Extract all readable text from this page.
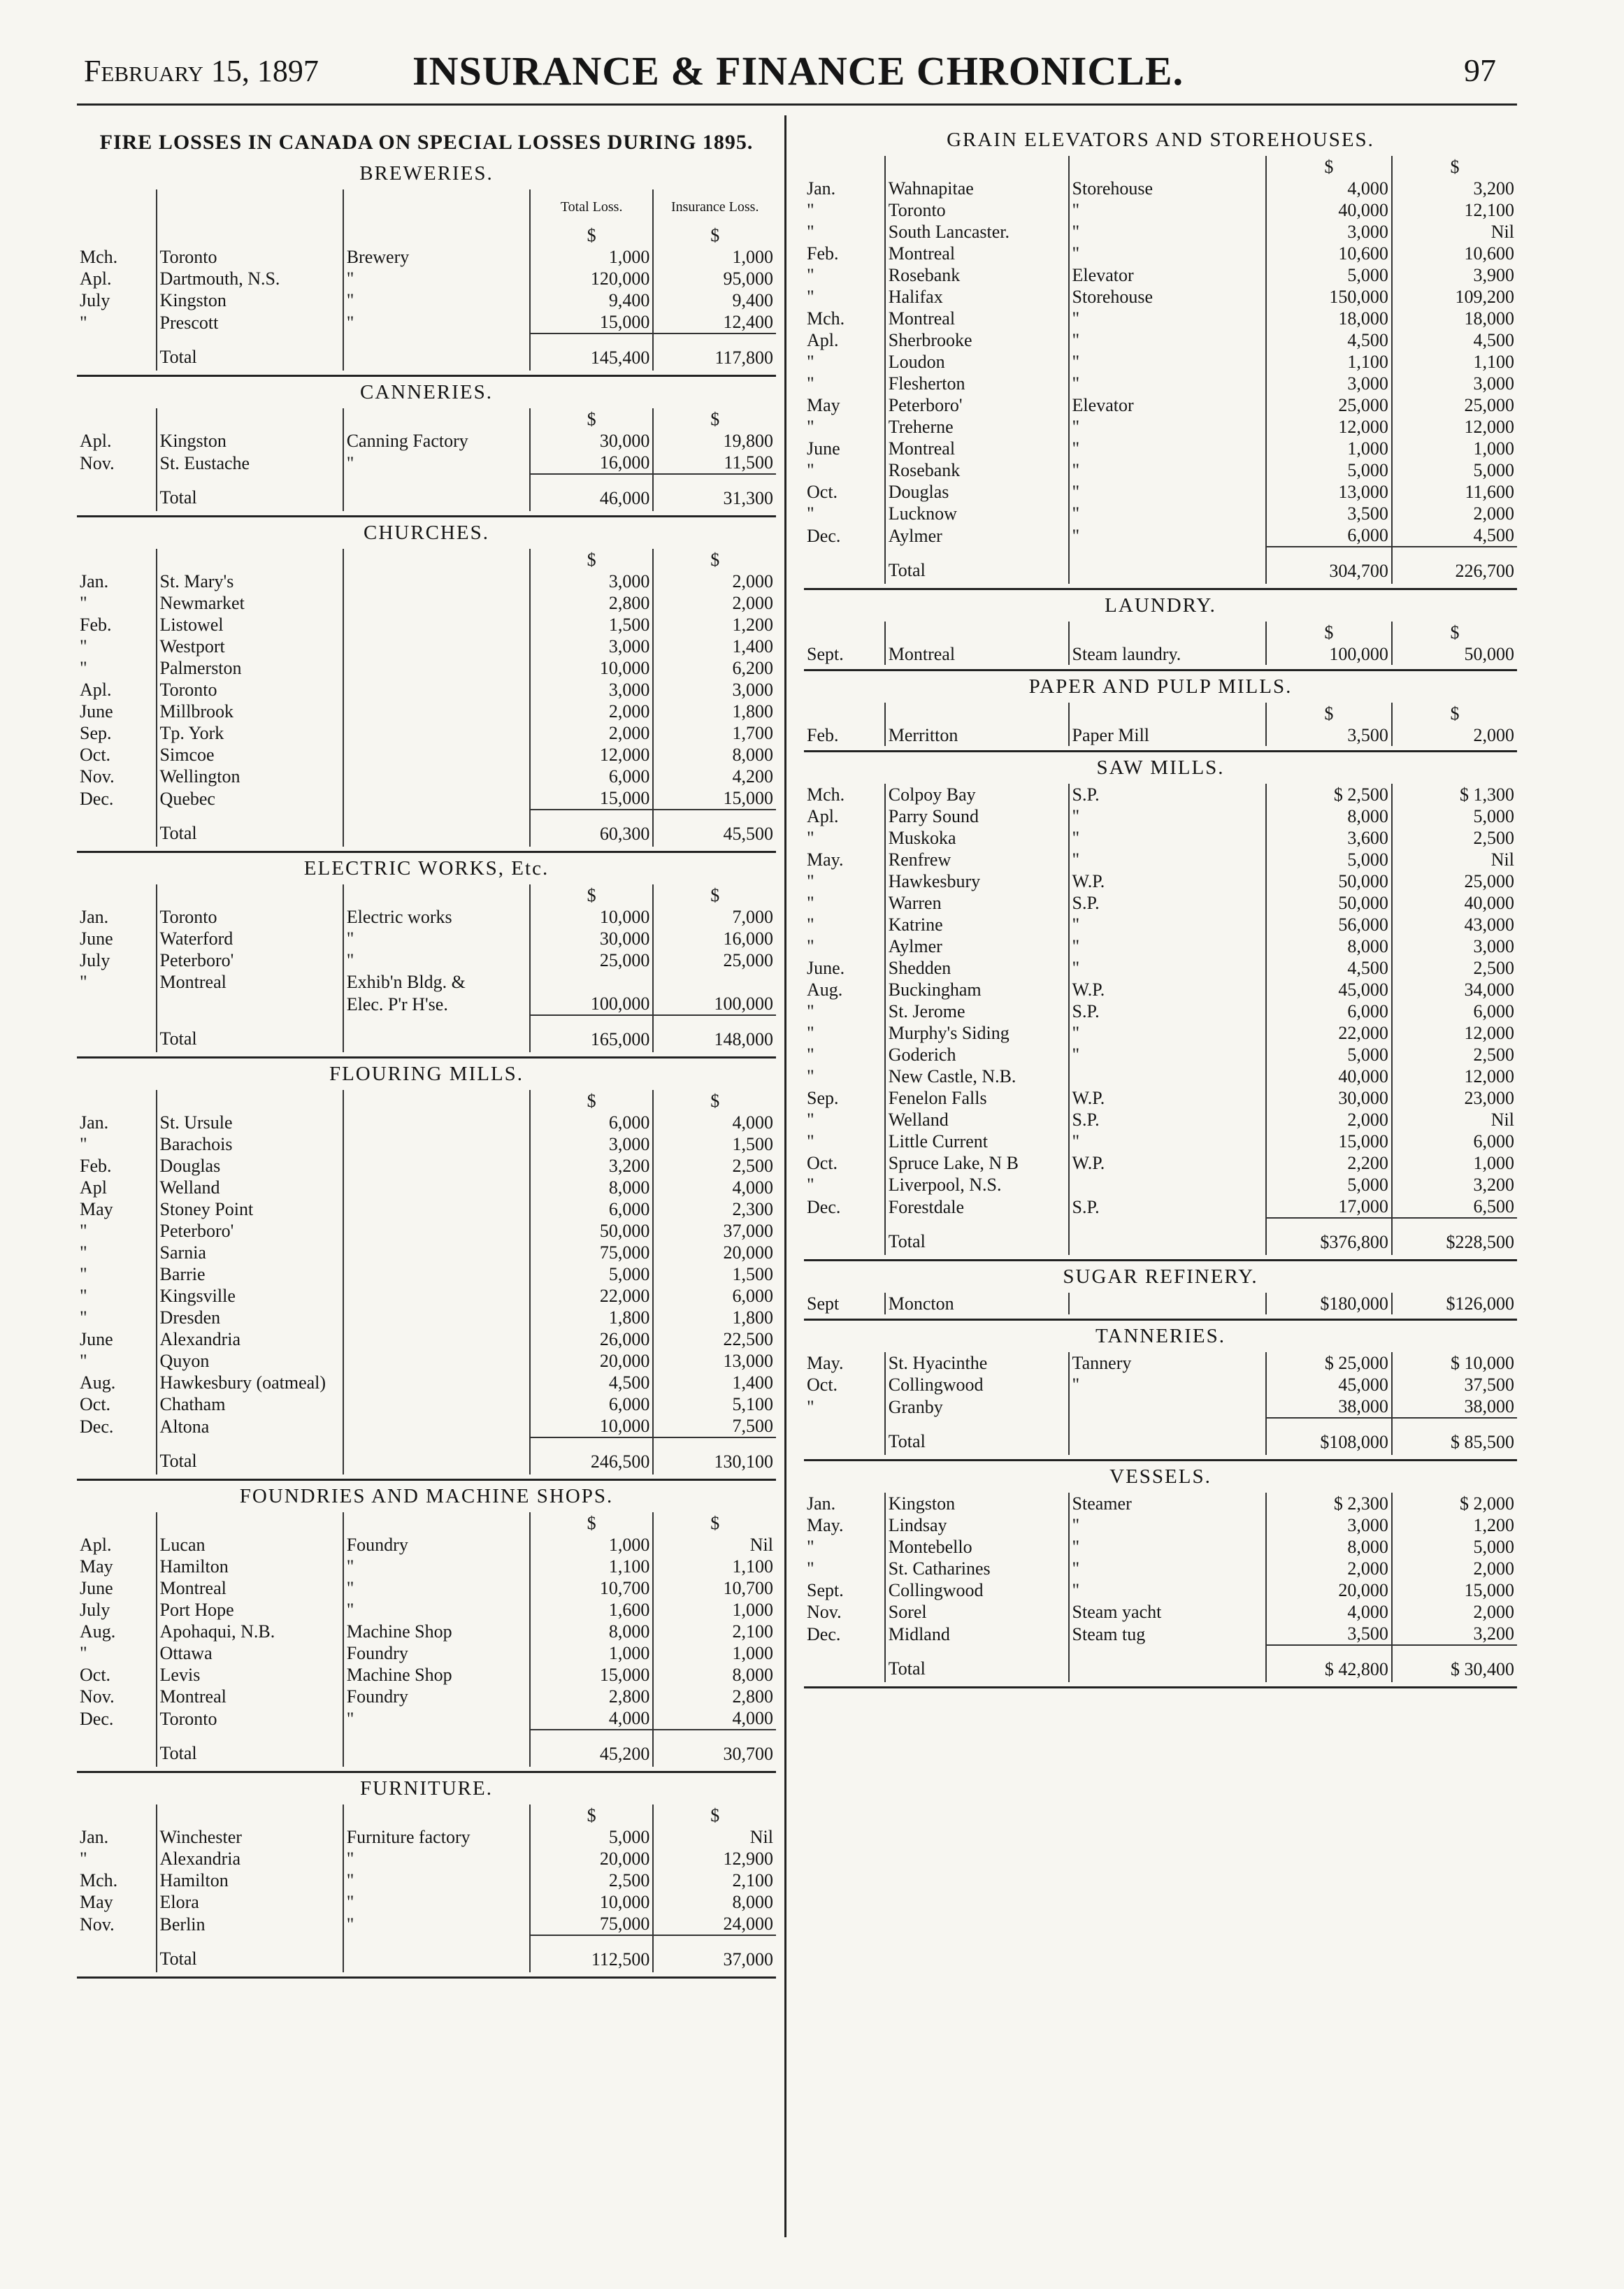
February 15, 1897 INSURANCE & FINANCE CHRONICLE.	97
FIRE LOSSES IN CANADA ON SPECIAL LOSSES DURING 1895.
BREWERIES.
			Total Loss.	Insurance Loss.
			$	$
Mch.	Toronto	Brewery	1,000	1,000
Apl.	Dartmouth, N.S.	"	120,000	95,000
July	Kingston	"	9,400	9,400
"	Prescott	"	15,000	12,400
	Total		145,400	117,800
CANNERIES.
			$	$
Apl.	Kingston	Canning Factory	30,000	19,800
Nov.	St. Eustache	"	16,000	11,500
	Total		46,000	31,300
CHURCHES.
			$	$
Jan.	St. Mary's		3,000	2,000
"	Newmarket		2,800	2,000
Feb.	Listowel		1,500	1,200
"	Westport		3,000	1,400
"	Palmerston		10,000	6,200
Apl.	Toronto		3,000	3,000
June	Millbrook		2,000	1,800
Sep.	Tp. York		2,000	1,700
Oct.	Simcoe		12,000	8,000
Nov.	Wellington		6,000	4,200
Dec.	Quebec		15,000	15,000
	Total		60,300	45,500
ELECTRIC WORKS, Etc.
			$	$
Jan.	Toronto	Electric works	10,000	7,000
June	Waterford	"	30,000	16,000
July	Peterboro'	"	25,000	25,000
"	Montreal	Exhib'n Bldg. &		
		Elec. P'r H'se.	100,000	100,000
	Total		165,000	148,000
FLOURING MILLS.
			$	$
Jan.	St. Ursule		6,000	4,000
"	Barachois		3,000	1,500
Feb.	Douglas		3,200	2,500
Apl	Welland		8,000	4,000
May	Stoney Point		6,000	2,300
"	Peterboro'		50,000	37,000
"	Sarnia		75,000	20,000
"	Barrie		5,000	1,500
"	Kingsville		22,000	6,000
"	Dresden		1,800	1,800
June	Alexandria		26,000	22,500
"	Quyon		20,000	13,000
Aug.	Hawkesbury (oatmeal)		4,500	1,400
Oct.	Chatham		6,000	5,100
Dec.	Altona		10,000	7,500
	Total		246,500	130,100
FOUNDRIES AND MACHINE SHOPS.
			$	$
Apl.	Lucan	Foundry	1,000	Nil
May	Hamilton	"	1,100	1,100
June	Montreal	"	10,700	10,700
July	Port Hope	"	1,600	1,000
Aug.	Apohaqui, N.B.	Machine Shop	8,000	2,100
"	Ottawa	Foundry	1,000	1,000
Oct.	Levis	Machine Shop	15,000	8,000
Nov.	Montreal	Foundry	2,800	2,800
Dec.	Toronto	"	4,000	4,000
	Total		45,200	30,700
FURNITURE.
			$	$
Jan.	Winchester	Furniture factory	5,000	Nil
"	Alexandria	"	20,000	12,900
Mch.	Hamilton	"	2,500	2,100
May	Elora	"	10,000	8,000
Nov.	Berlin	"	75,000	24,000
	Total		112,500	37,000
GRAIN ELEVATORS AND STOREHOUSES.
			$	$
Jan.	Wahnapitae	Storehouse	4,000	3,200
"	Toronto	"	40,000	12,100
"	South Lancaster.	"	3,000	Nil
Feb.	Montreal	"	10,600	10,600
"	Rosebank	Elevator	5,000	3,900
"	Halifax	Storehouse	150,000	109,200
Mch.	Montreal	"	18,000	18,000
Apl.	Sherbrooke	"	4,500	4,500
"	Loudon	"	1,100	1,100
"	Flesherton	"	3,000	3,000
May	Peterboro'	Elevator	25,000	25,000
"	Treherne	"	12,000	12,000
June	Montreal	"	1,000	1,000
"	Rosebank	"	5,000	5,000
Oct.	Douglas	"	13,000	11,600
"	Lucknow	"	3,500	2,000
Dec.	Aylmer	"	6,000	4,500
	Total		304,700	226,700
LAUNDRY.
			$	$
Sept.	Montreal	Steam laundry.	100,000	50,000
PAPER AND PULP MILLS.
			$	$
Feb.	Merritton	Paper Mill	3,500	2,000
SAW MILLS.
Mch.	Colpoy Bay	S.P.	$ 2,500	$ 1,300
Apl.	Parry Sound	"	8,000	5,000
"	Muskoka	"	3,600	2,500
May.	Renfrew	"	5,000	Nil
"	Hawkesbury	W.P.	50,000	25,000
"	Warren	S.P.	50,000	40,000
"	Katrine	"	56,000	43,000
"	Aylmer	"	8,000	3,000
June.	Shedden	"	4,500	2,500
Aug.	Buckingham	W.P.	45,000	34,000
"	St. Jerome	S.P.	6,000	6,000
"	Murphy's Siding	"	22,000	12,000
"	Goderich	"	5,000	2,500
"	New Castle, N.B.		40,000	12,000
Sep.	Fenelon Falls	W.P.	30,000	23,000
"	Welland	S.P.	2,000	Nil
"	Little Current	"	15,000	6,000
Oct.	Spruce Lake, N B	W.P.	2,200	1,000
"	Liverpool, N.S.		5,000	3,200
Dec.	Forestdale	S.P.	17,000	6,500
	Total		$376,800	$228,500
SUGAR REFINERY.
Sept	Moncton		$180,000	$126,000
TANNERIES.
May.	St. Hyacinthe	Tannery	$ 25,000	$ 10,000
Oct.	Collingwood	"	45,000	37,500
"	Granby		38,000	38,000
	Total		$108,000	$ 85,500
VESSELS.
Jan.	Kingston	Steamer	$ 2,300	$ 2,000
May.	Lindsay	"	3,000	1,200
"	Montebello	"	8,000	5,000
"	St. Catharines	"	2,000	2,000
Sept.	Collingwood	"	20,000	15,000
Nov.	Sorel	Steam yacht	4,000	2,000
Dec.	Midland	Steam tug	3,500	3,200
	Total		$ 42,800	$ 30,400
